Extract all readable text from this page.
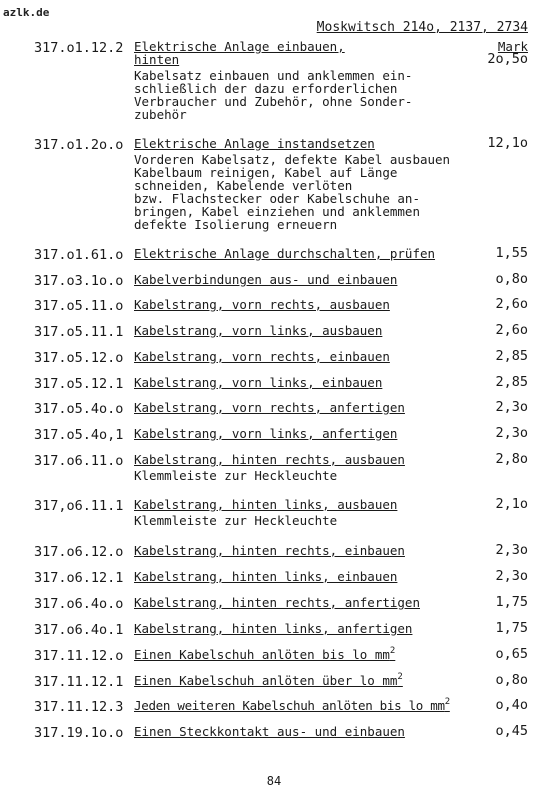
azlk.de
Moskwitsch 214o, 2137, 2734
317.o1.12.2 Elektrische Anlage einbauen, hinten
Kabelsatz einbauen und anklemmen ein-
schließlich der dazu erforderlichen
Verbraucher und Zubehör, ohne Sonder-
zubehör
Mark
2o,5o
317.o1.2o.o Elektrische Anlage instandsetzen
Vorderen Kabelsatz, defekte Kabel ausbauen
Kabelbaum reinigen, Kabel auf Länge
schneiden, Kabelende verlöten
bzw. Flachstecker oder Kabelschuhe an-
bringen, Kabel einziehen und anklemmen
defekte Isolierung erneuern
12,1o
317.o1.61.o Elektrische Anlage durchschalten, prüfen	1,55
317.o3.1o.o Kabelverbindungen aus- und einbauen	o,8o
317.o5.11.o Kabelstrang, vorn rechts, ausbauen	2,6o
317.o5.11.1 Kabelstrang, vorn links, ausbauen	2,6o
317.o5.12.o Kabelstrang, vorn rechts, einbauen	2,85
317.o5.12.1 Kabelstrang, vorn links, einbauen	2,85
317.o5.4o.o Kabelstrang, vorn rechts, anfertigen	2,3o
317.o5.4o,1 Kabelstrang, vorn links, anfertigen	2,3o
317.o6.11.o Kabelstrang, hinten rechts, ausbauen
Klemmleiste zur Heckleuchte
2,8o
317,o6.11.1 Kabelstrang, hinten links, ausbauen
Klemmleiste zur Heckleuchte
2,1o
317.o6.12.o Kabelstrang, hinten rechts, einbauen	2,3o
317.o6.12.1 Kabelstrang, hinten links, einbauen	2,3o
317.o6.4o.o Kabelstrang, hinten rechts, anfertigen	1,75
317.o6.4o.1 Kabelstrang, hinten links, anfertigen	1,75
317.11.12.o Einen Kabelschuh anlöten bis lo $mm^2$	o,65
317.11.12.1 Einen Kabelschuh anlöten über lo $mm^2$	o,8o
317.11.12.3 Jeden weiteren Kabelschuh anlöten bis lo $mm^2$	o,4o
317.19.1o.o Einen Steckkontakt aus- und einbauen	o,45
84
